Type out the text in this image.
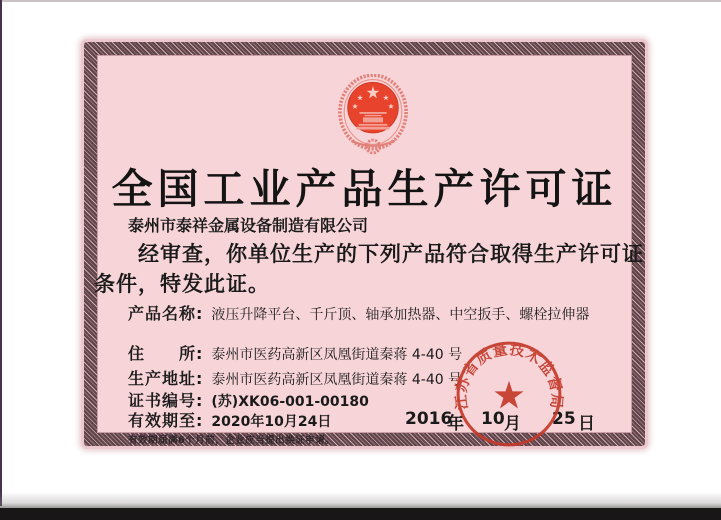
全国工业产品生产许可证
泰州市泰祥金属设备制造有限公司
经审查，你单位生产的下列产品符合取得生产许可证
条件，特发此证。
产品名称: 液压升降平台、千斤顶、轴承加热器、中空扳手、螺栓拉伸器
住　　所: 泰州市医药高新区凤凰街道秦蒋 4-40 号
生产地址: 泰州市医药高新区凤凰街道秦蒋 4-40 号
证书编号: (苏)XK06-001-00180
有效期至: 2020年10月24日
有效期届满6个月前，企业应当提出换证申请。
2016
年 10 月 25 日
江苏省质量技术监督局
